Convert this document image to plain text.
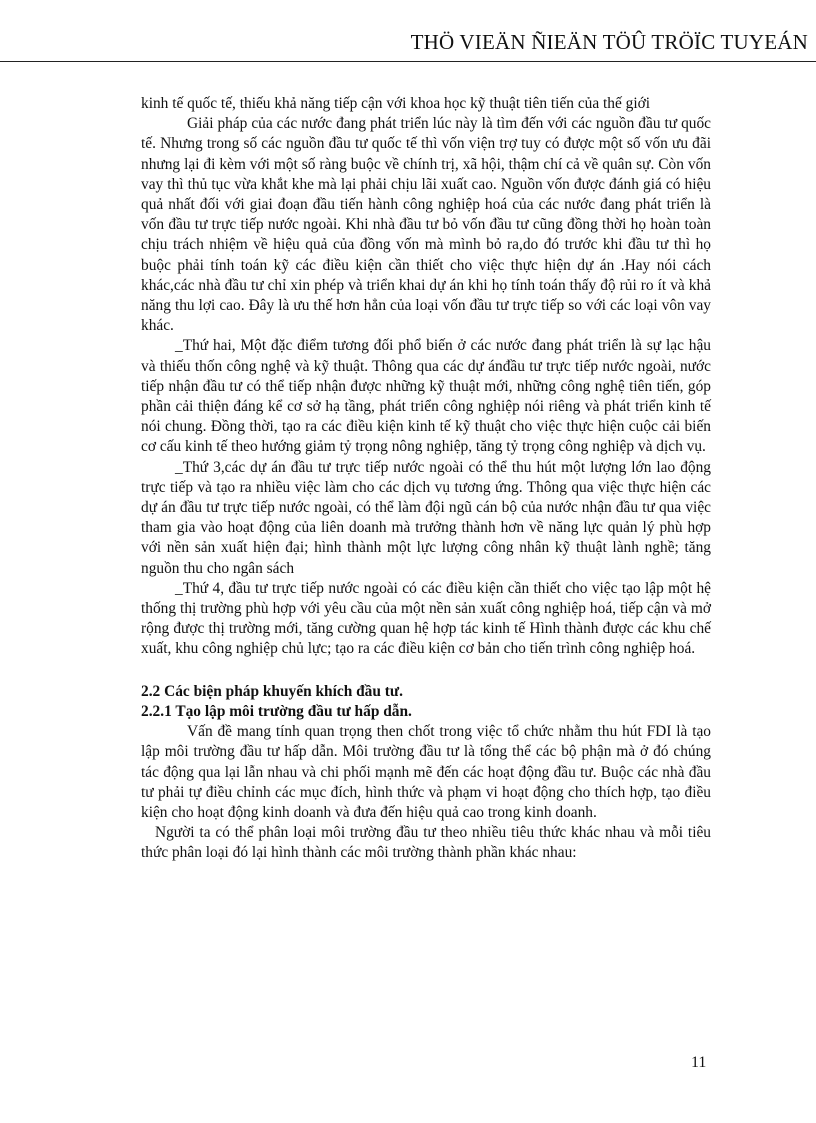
THÖ VIEÄN ÑIEÄN TÖÛ TRÖÏC TUYEÁN

kinh tế quốc tế, thiếu khả năng tiếp cận với khoa học kỹ thuật tiên tiến của thế giới

Giải pháp của các nước đang phát triển lúc này là tìm đến với các nguồn đầu tư quốc tế. Nhưng trong số các nguồn đầu tư quốc tế thì vốn viện trợ tuy có được một số vốn ưu đãi nhưng lại đi kèm với một số ràng buộc về chính trị, xã hội, thậm chí cả về quân sự. Còn vốn vay thì thủ tục vừa khắt khe mà lại phải chịu lãi xuất cao. Nguồn vốn được đánh giá có hiệu quả nhất đối với giai đoạn đầu tiến hành công nghiệp hoá của các nước đang phát triển là vốn đầu tư trực tiếp nước ngoài. Khi nhà đầu tư bỏ vốn đầu tư cũng đồng thời họ hoàn toàn chịu trách nhiệm về hiệu quả của đồng vốn mà mình bỏ ra,do đó trước khi đầu tư thì họ buộc phải tính toán kỹ các điều kiện cần thiết cho việc thực hiện dự án .Hay nói cách khác,các nhà đầu tư chỉ xin phép và triển khai dự án khi họ tính toán thấy độ rủi ro ít và khả năng thu lợi cao. Đây là ưu thế hơn hẳn của loại vốn đầu tư trực tiếp so với các loại vôn vay khác.

_Thứ hai, Một đặc điểm tương đối phổ biến ở các nước đang phát triển là sự lạc hậu và thiếu thốn công nghệ và kỹ thuật. Thông qua các dự ánđầu tư trực tiếp nước ngoài, nước tiếp nhận đầu tư có thể tiếp nhận được những kỹ thuật mới, những công nghệ tiên tiến, góp phần cải thiện đáng kể cơ sở hạ tầng, phát triển công nghiệp nói riêng và phát triển kinh tế nói chung. Đồng thời, tạo ra các điều kiện kinh tế kỹ thuật cho việc thực hiện cuộc cải biến cơ cấu kinh tế theo hướng giảm tỷ trọng nông nghiệp, tăng tỷ trọng công nghiệp và dịch vụ.

_Thứ 3,các dự án đầu tư trực tiếp nước ngoài có thể thu hút một lượng lớn lao động trực tiếp và tạo ra nhiều việc làm cho các dịch vụ tương ứng. Thông qua việc thực hiện các dự án đầu tư trực tiếp nước ngoài, có thể làm đội ngũ cán bộ của nước nhận đầu tư qua việc tham gia vào hoạt động của liên doanh mà trưởng thành hơn về năng lực quản lý phù hợp với nền sản xuất hiện đại; hình thành một lực lượng công nhân kỹ thuật lành nghề; tăng nguồn thu cho ngân sách

_Thứ 4, đầu tư trực tiếp nước ngoài có các điều kiện cần thiết cho việc tạo lập một hệ thống thị trường phù hợp với yêu cầu của một nền sản xuất công nghiệp hoá, tiếp cận và mở rộng được thị trường mới, tăng cường quan hệ hợp tác kinh tế Hình thành được các khu chế xuất, khu công nghiệp chủ lực; tạo ra các điều kiện cơ bản cho tiến trình công nghiệp hoá.

2.2 Các biện pháp khuyến khích đầu tư.

2.2.1 Tạo lập môi trường đầu tư hấp dẫn.

Vấn đề mang tính quan trọng then chốt trong việc tổ chức nhằm thu hút FDI là tạo lập môi trường đầu tư hấp dẫn. Môi trường đầu tư là tổng thể các bộ phận mà ở đó chúng tác động qua lại lẫn nhau và chi phối mạnh mẽ đến các hoạt động đầu tư. Buộc các nhà đầu tư phải tự điều chỉnh các mục đích, hình thức và phạm vi hoạt động cho thích hợp, tạo điều kiện cho hoạt động kinh doanh và đưa đến hiệu quả cao trong kinh doanh.

Người ta có thể phân loại môi trường đầu tư theo nhiều tiêu thức khác nhau và mỗi tiêu thức phân loại đó lại hình thành các môi trường thành phần khác nhau:

11
